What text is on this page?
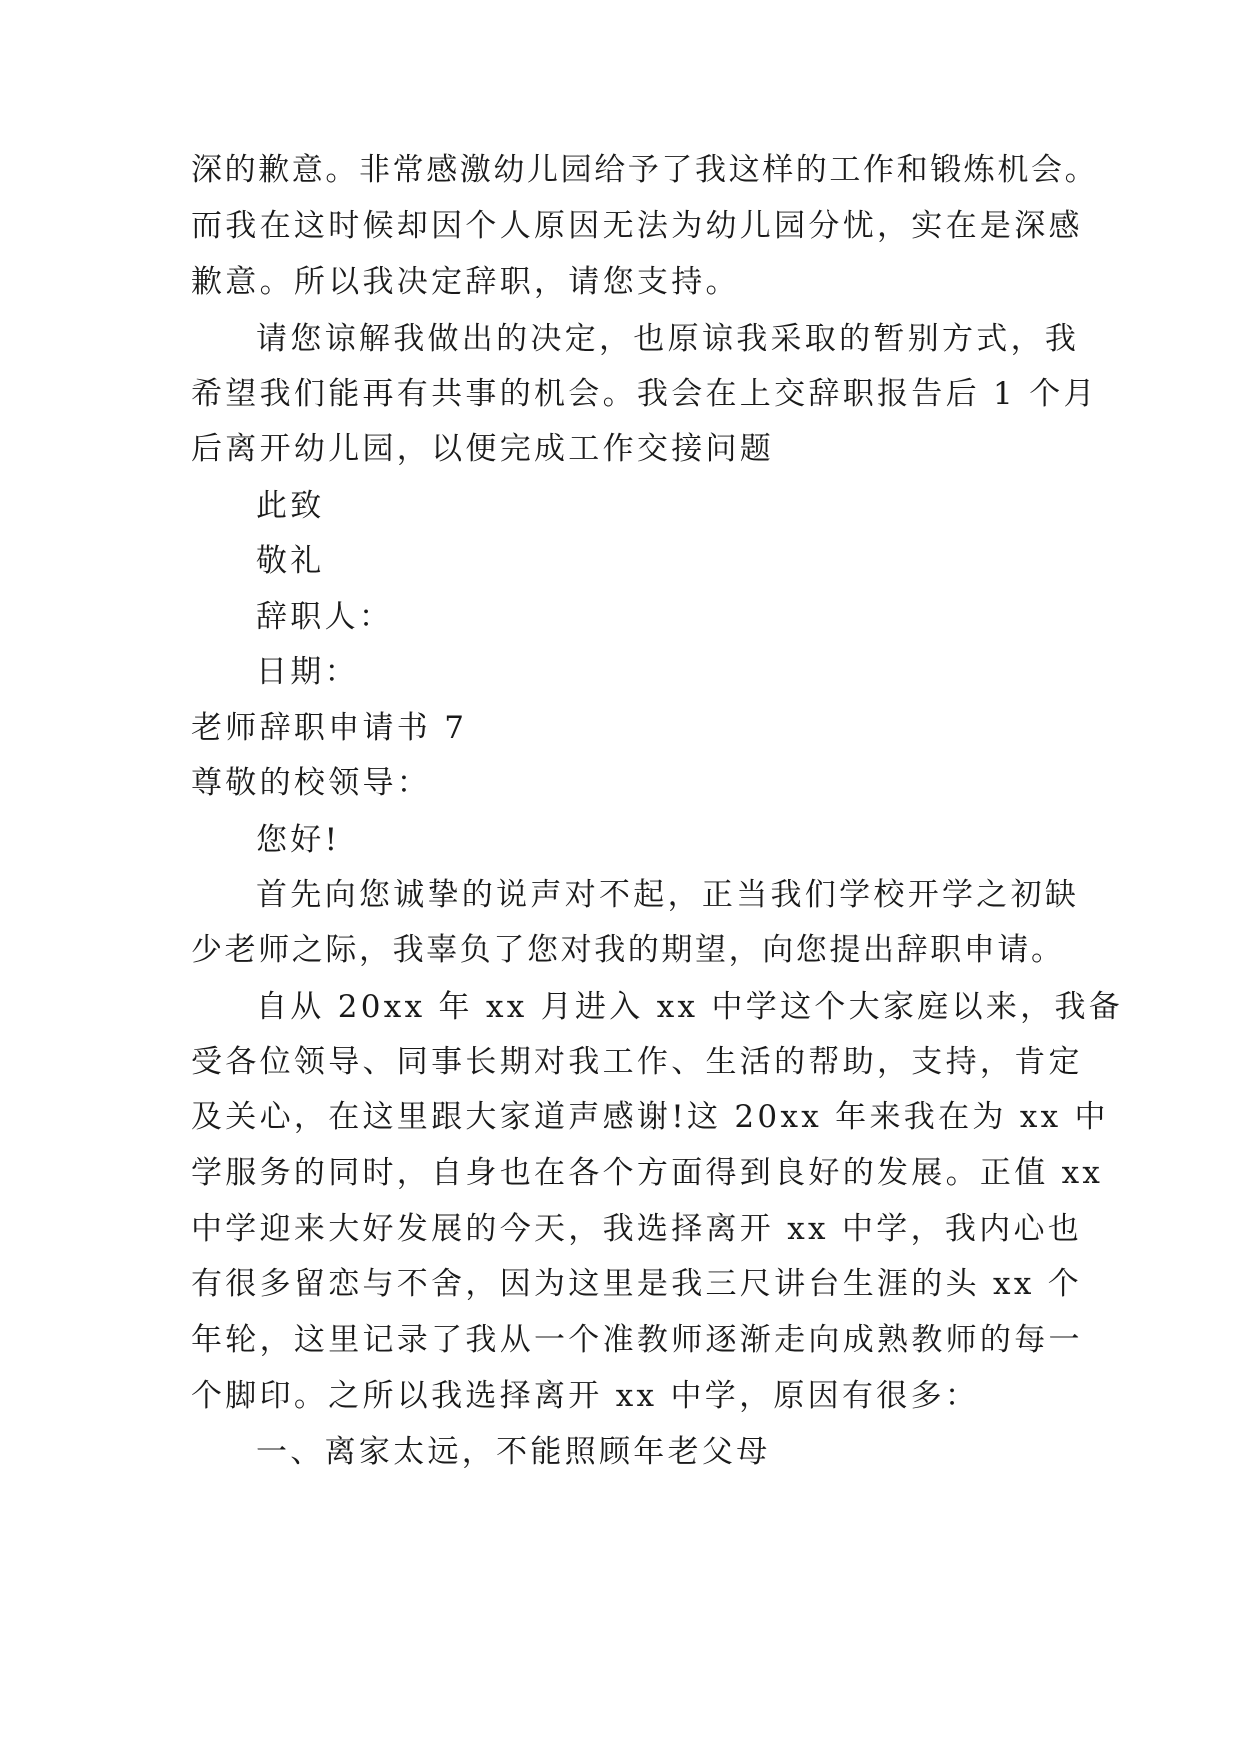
深的歉意。非常感激幼儿园给予了我这样的工作和锻炼机会。
而我在这时候却因个人原因无法为幼儿园分忧，实在是深感
歉意。所以我决定辞职，请您支持。
请您谅解我做出的决定，也原谅我采取的暂别方式，我
希望我们能再有共事的机会。我会在上交辞职报告后 1 个月
后离开幼儿园，以便完成工作交接问题
此致
敬礼
辞职人：
日期：
老师辞职申请书 7
尊敬的校领导：
您好!
首先向您诚挚的说声对不起，正当我们学校开学之初缺
少老师之际，我辜负了您对我的期望，向您提出辞职申请。
自从 20xx 年 xx 月进入 xx 中学这个大家庭以来，我备
受各位领导、同事长期对我工作、生活的帮助，支持，肯定
及关心，在这里跟大家道声感谢!这 20xx 年来我在为 xx 中
学服务的同时，自身也在各个方面得到良好的发展。正值 xx
中学迎来大好发展的今天，我选择离开 xx 中学，我内心也
有很多留恋与不舍，因为这里是我三尺讲台生涯的头 xx 个
年轮，这里记录了我从一个准教师逐渐走向成熟教师的每一
个脚印。之所以我选择离开 xx 中学，原因有很多：
一、离家太远，不能照顾年老父母
